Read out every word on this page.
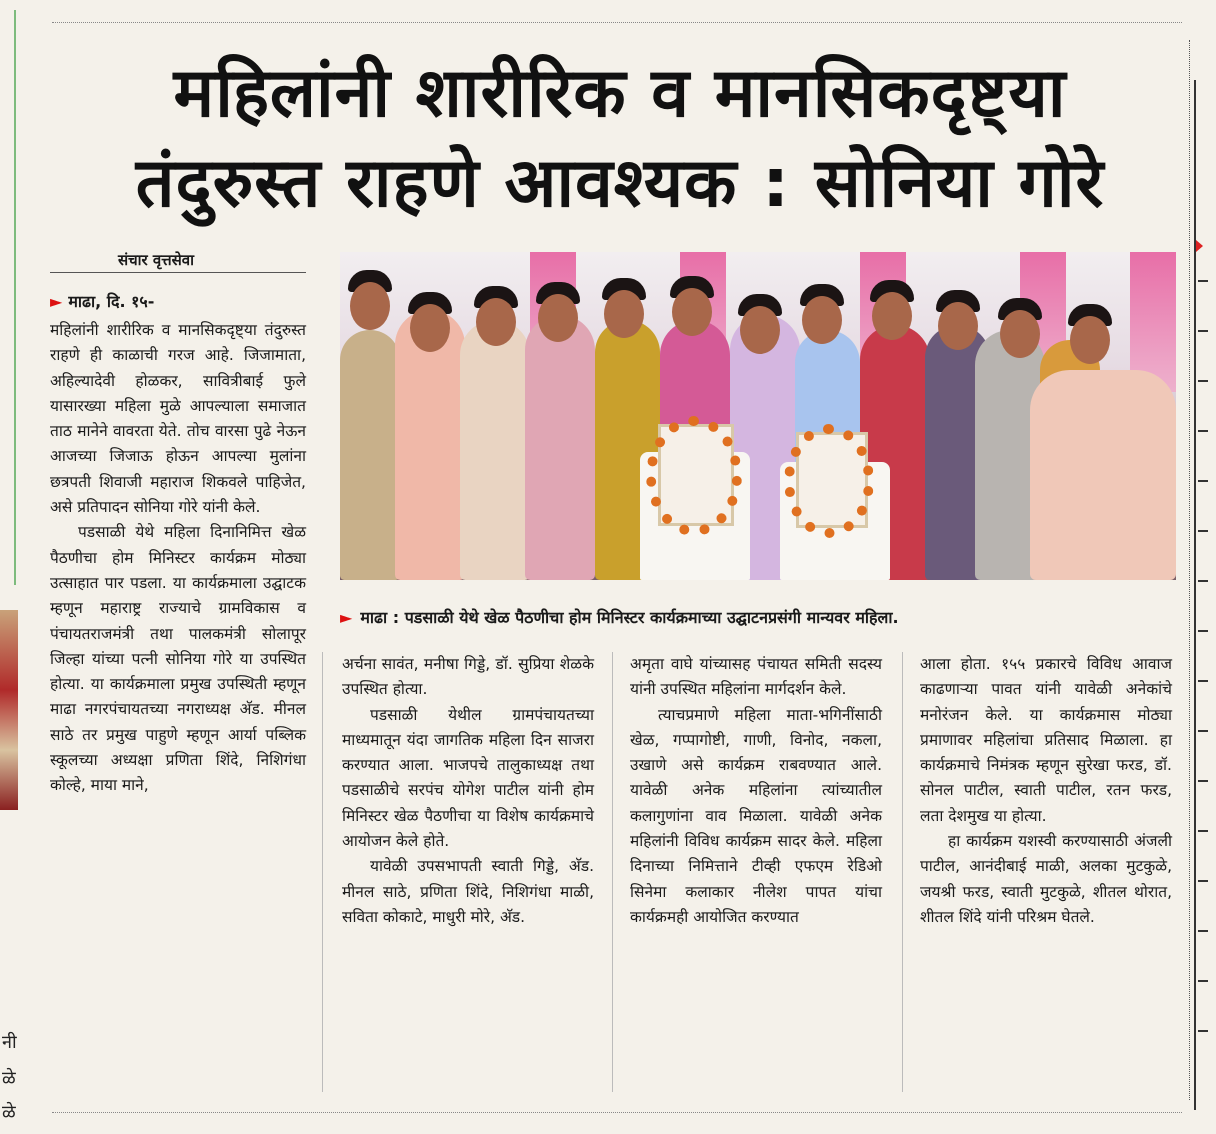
नी
ळे
ळे
महिलांनी शारीरिक व मानसिकदृष्ट्या
तंदुरुस्त राहणे आवश्यक : सोनिया गोरे
संचार वृत्तसेवा
► माढा : पडसाळी येथे खेळ पैठणीचा होम मिनिस्टर कार्यक्रमाच्या उद्घाटनप्रसंगी मान्यवर महिला.
► माढा, दि. १५-

महिलांनी शारीरिक व मानसिकदृष्ट्या तंदुरुस्त राहणे ही काळाची गरज आहे. जिजामाता, अहिल्यादेवी होळकर, सावित्रीबाई फुले यासारख्या महिला मुळे आपल्याला समाजात ताठ मानेने वावरता येते. तोच वारसा पुढे नेऊन आजच्या जिजाऊ होऊन आपल्या मुलांना छत्रपती शिवाजी महाराज शिकवले पाहिजेत, असे प्रतिपादन सोनिया गोरे यांनी केले.

पडसाळी येथे महिला दिनानिमित्त खेळ पैठणीचा होम मिनिस्टर कार्यक्रम मोठ्या उत्साहात पार पडला. या कार्यक्रमाला उद्घाटक म्हणून महाराष्ट्र राज्याचे ग्रामविकास व पंचायतराजमंत्री तथा पालकमंत्री सोलापूर जिल्हा यांच्या पत्नी सोनिया गोरे या उपस्थित होत्या. या कार्यक्रमाला प्रमुख उपस्थिती म्हणून माढा नगरपंचायतच्या नगराध्यक्ष अ‍ॅड. मीनल साठे तर प्रमुख पाहुणे म्हणून आर्या पब्लिक स्कूलच्या अध्यक्षा प्रणिता शिंदे, निशिगंधा कोल्हे, माया माने,

अर्चना सावंत, मनीषा गिड्डे, डॉ. सुप्रिया शेळके उपस्थित होत्या.

पडसाळी येथील ग्रामपंचायतच्या माध्यमातून यंदा जागतिक महिला दिन साजरा करण्यात आला. भाजपचे तालुकाध्यक्ष तथा पडसाळीचे सरपंच योगेश पाटील यांनी होम मिनिस्टर खेळ पैठणीचा या विशेष कार्यक्रमाचे आयोजन केले होते.

यावेळी उपसभापती स्वाती गिड्डे, अ‍ॅड. मीनल साठे, प्रणिता शिंदे, निशिगंधा माळी, सविता कोकाटे, माधुरी मोरे, अ‍ॅड.

अमृता वाघे यांच्यासह पंचायत समिती सदस्य यांनी उपस्थित महिलांना मार्गदर्शन केले.

त्याचप्रमाणे महिला माता-भगिनींसाठी खेळ, गप्पागोष्टी, गाणी, विनोद, नकला, उखाणे असे कार्यक्रम राबवण्यात आले. यावेळी अनेक महिलांना त्यांच्यातील कलागुणांना वाव मिळाला. यावेळी अनेक महिलांनी विविध कार्यक्रम सादर केले. महिला दिनाच्या निमित्ताने टीव्ही एफएम रेडिओ सिनेमा कलाकार नीलेश पापत यांचा कार्यक्रमही आयोजित करण्यात

आला होता. १५५ प्रकारचे विविध आवाज काढणाऱ्या पावत यांनी यावेळी अनेकांचे मनोरंजन केले. या कार्यक्रमास मोठ्या प्रमाणावर महिलांचा प्रतिसाद मिळाला. हा कार्यक्रमाचे निमंत्रक म्हणून सुरेखा फरड, डॉ. सोनल पाटील, स्वाती पाटील, रतन फरड, लता देशमुख या होत्या.

हा कार्यक्रम यशस्वी करण्यासाठी अंजली पाटील, आनंदीबाई माळी, अलका मुटकुळे, जयश्री फरड, स्वाती मुटकुळे, शीतल थोरात, शीतल शिंदे यांनी परिश्रम घेतले.
